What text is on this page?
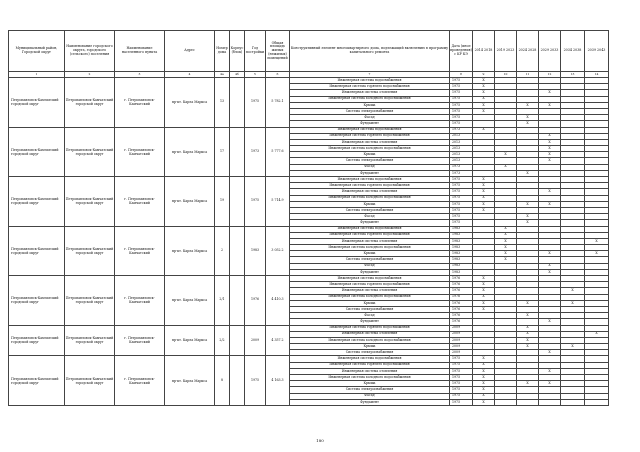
Муниципальный район, Городской округ	Наименование городского округа, городского (сельского) поселения	Наименование населенного пункта	Адрес	Номер дома	Корпус (блок)	Год постройки	Общая площадь жилых (нежилых) помещений	Конструктивный элемент многоквартирного дома, подлежащий включению в программу капитального ремонта	Дата (иное проведения) с КР КЭ	2014 2018	2019 2023	2024 2028	2029 2033	2034 2038	2039 2043
1	2	3	4	4а	4б	5	6	7	8	9	10	11	12	13	14
Петропавловск-Камчатский городской округ	Петропавловск-Камчатский городской округ	г. Петропавловск-Камчатский	пр-кт. Карла Маркса	13		1975	5 782.1	Инженерная система водоснабжения	1975	X					
								Инженерная система горячего водоснабжения	1975	X					
								Инженерная система отопления	1975	X			X		
								Инженерная система холодного водоснабжения	1975	X					
								Крыша	1975	X		X	X		
								Система электроснабжения	1975	X					
								Фасад	1975			X			
								Фундамент	1975			X			
Петропавловск-Камчатский городской округ	Петропавловск-Камчатский городской округ	г. Петропавловск-Камчатский	пр-кт. Карла Маркса	17		1973	5 777.6	Инженерная система водоснабжения	1973	X					
								Инженерная система горячего водоснабжения	2013				X		
								Инженерная система отопления	2013				X		
								Инженерная система холодного водоснабжения	2013				X		
								Крыша	2013		X		X		
								Система электроснабжения	2013				X		
								Фасад	1973		X				
								Фундамент	1973			X			
Петропавловск-Камчатский городской округ	Петропавловск-Камчатский городской округ	г. Петропавловск-Камчатский	пр-кт. Карла Маркса	19		1975	5 714.9	Инженерная система водоснабжения	1975	X					
								Инженерная система горячего водоснабжения	1975	X					
								Инженерная система отопления	1975	X			X		
								Инженерная система холодного водоснабжения	1975	X					
								Крыша	1975	X		X	X		
								Система электроснабжения	1975	X					
								Фасад	1975			X			
								Фундамент	1975			X			
Петропавловск-Камчатский городской округ	Петропавловск-Камчатский городской округ	г. Петропавловск-Камчатский	пр-кт. Карла Маркса	2		1983	3 052.2	Инженерная система водоснабжения	1983		X				
								Инженерная система горячего водоснабжения	1983		X				
								Инженерная система отопления	1983		X				X
								Инженерная система холодного водоснабжения	1983		X				
								Крыша	1983		X		X		X
								Система электроснабжения	1983		X				
								Фасад	1983				X		
								Фундамент	1983				X		
Петропавловск-Камчатский городской округ	Петропавловск-Камчатский городской округ	г. Петропавловск-Камчатский	пр-кт. Карла Маркса	2/1		1976	4 410.3	Инженерная система водоснабжения	1976	X					
								Инженерная система горячего водоснабжения	1976	X					
								Инженерная система отопления	1976	X				X	
								Инженерная система холодного водоснабжения	1976	X					
								Крыша	1976	X		X		X	
								Система электроснабжения	1976	X					
								Фасад	1976			X			
								Фундамент	1976				X		
Петропавловск-Камчатский городской округ	Петропавловск-Камчатский городской округ	г. Петропавловск-Камчатский	пр-кт. Карла Маркса	2/2		2009	4 357.2	Инженерная система горячего водоснабжения	2009			X			
								Инженерная система отопления	2009			X			X
								Инженерная система холодного водоснабжения	2009			X			
								Крыша	2009			X		X	
								Система электроснабжения	2009				X		
Петропавловск-Камчатский городской округ	Петропавловск-Камчатский городской округ	г. Петропавловск-Камчатский	пр-кт. Карла Маркса	8		1975	4 163.3	Инженерная система водоснабжения	1975	X					
								Инженерная система горячего водоснабжения	1975	X					
								Инженерная система отопления	1975	X			X		
								Инженерная система холодного водоснабжения	1975	X					
								Крыша	1975	X		X	X		
								Система электроснабжения	1975	X					
								Фасад	1975	X					
								Фундамент	1975	X					
180
